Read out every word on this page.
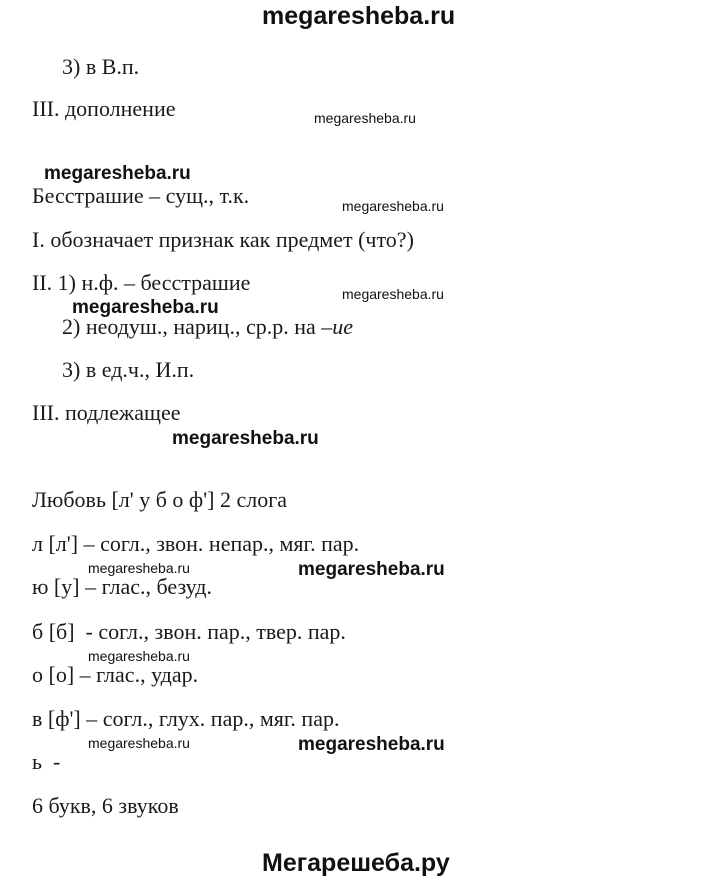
megaresheba.ru
Мегарешеба.ру
3) в В.п.
III. дополнение
Бесстрашие – сущ., т.к.
I. обозначает признак как предмет (что?)
II. 1) н.ф. – бесстрашие
2) неодуш., нариц., ср.р. на –ие
3) в ед.ч., И.п.
III. подлежащее
Любовь [л' у б о ф'] 2 слога
л [л'] – согл., звон. непар., мяг. пар.
ю [у] – глас., безуд.
б [б]  - согл., звон. пар., твер. пар.
о [о] – глас., удар.
в [ф'] – согл., глух. пар., мяг. пар.
ь  -
6 букв, 6 звуков
megaresheba.ru
megaresheba.ru
megaresheba.ru
megaresheba.ru
megaresheba.ru
megaresheba.ru
megaresheba.ru
megaresheba.ru
megaresheba.ru
megaresheba.ru
megaresheba.ru
